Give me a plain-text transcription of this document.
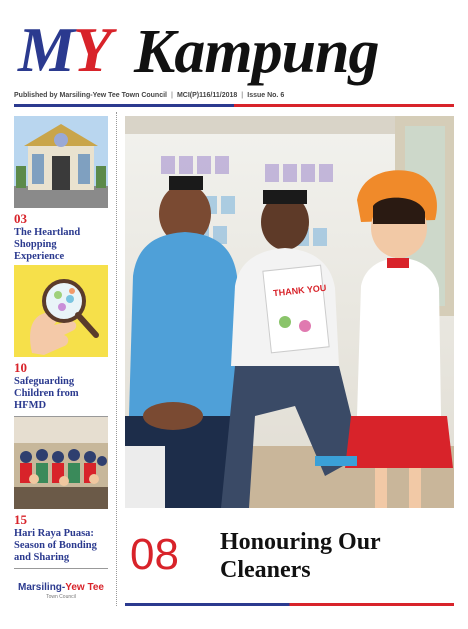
MY Kampung
Published by Marsiling-Yew Tee Town Council | MCI(P)116/11/2018 | Issue No. 6
03
The Heartland Shopping Experience
10
Safeguarding Children from HFMD
15
Hari Raya Puasa: Season of Bonding and Sharing
Marsiling-Yew Tee
Town Council
THANK YOU
08 Honouring Our Cleaners
